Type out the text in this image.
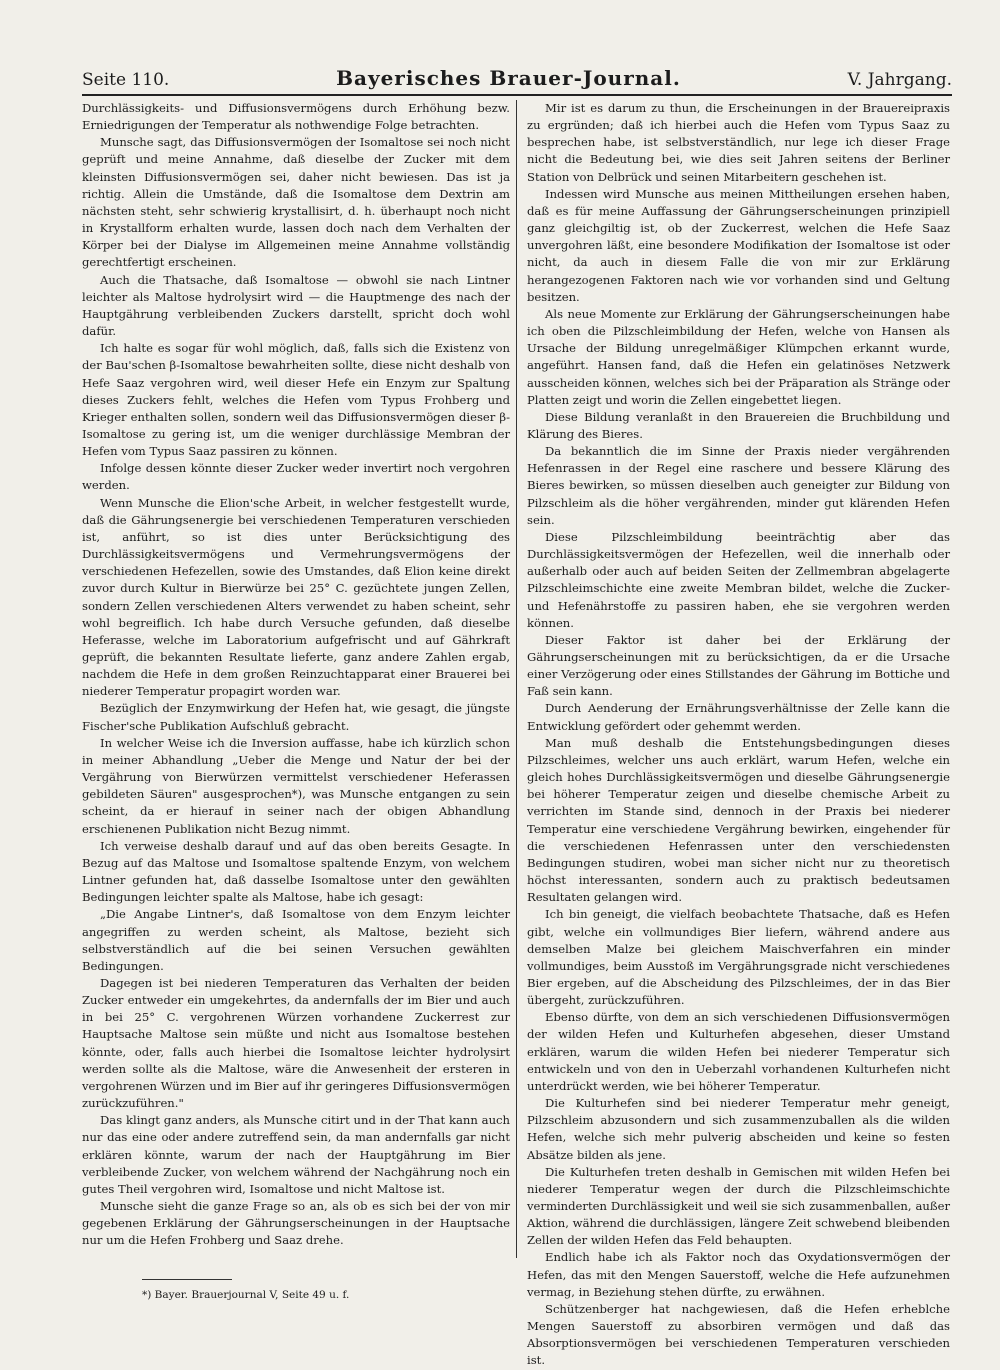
Seite 110.	Bayerisches Brauer-Journal.	V. Jahrgang.

Durchlässigkeits- und Diffusionsvermögens durch Erhöhung bezw. Erniedrigungen der Temperatur als nothwendige Folge betrachten.

Munsche sagt, das Diffusionsvermögen der Isomaltose sei noch nicht geprüft und meine Annahme, daß dieselbe der Zucker mit dem kleinsten Diffusionsvermögen sei, daher nicht bewiesen. Das ist ja richtig. Allein die Umstände, daß die Isomaltose dem Dextrin am nächsten steht, sehr schwierig krystallisirt, d. h. überhaupt noch nicht in Krystallform erhalten wurde, lassen doch nach dem Verhalten der Körper bei der Dialyse im Allgemeinen meine Annahme vollständig gerechtfertigt erscheinen.

Auch die Thatsache, daß Isomaltose — obwohl sie nach Lintner leichter als Maltose hydrolysirt wird — die Hauptmenge des nach der Hauptgährung verbleibenden Zuckers darstellt, spricht doch wohl dafür.

Ich halte es sogar für wohl möglich, daß, falls sich die Existenz von der Bau'schen β-Isomaltose bewahrheiten sollte, diese nicht deshalb von Hefe Saaz vergohren wird, weil dieser Hefe ein Enzym zur Spaltung dieses Zuckers fehlt, welches die Hefen vom Typus Frohberg und Krieger enthalten sollen, sondern weil das Diffusionsvermögen dieser β-Isomaltose zu gering ist, um die weniger durchlässige Membran der Hefen vom Typus Saaz passiren zu können.

Infolge dessen könnte dieser Zucker weder invertirt noch vergohren werden.

Wenn Munsche die Elion'sche Arbeit, in welcher festgestellt wurde, daß die Gährungsenergie bei verschiedenen Temperaturen verschieden ist, anführt, so ist dies unter Berücksichtigung des Durchlässigkeitsvermögens und Vermehrungsvermögens der verschiedenen Hefezellen, sowie des Umstandes, daß Elion keine direkt zuvor durch Kultur in Bierwürze bei 25° C. gezüchtete jungen Zellen, sondern Zellen verschiedenen Alters verwendet zu haben scheint, sehr wohl begreiflich. Ich habe durch Versuche gefunden, daß dieselbe Heferasse, welche im Laboratorium aufgefrischt und auf Gährkraft geprüft, die bekannten Resultate lieferte, ganz andere Zahlen ergab, nachdem die Hefe in dem großen Reinzuchtapparat einer Brauerei bei niederer Temperatur propagirt worden war.

Bezüglich der Enzymwirkung der Hefen hat, wie gesagt, die jüngste Fischer'sche Publikation Aufschluß gebracht.

In welcher Weise ich die Inversion auffasse, habe ich kürzlich schon in meiner Abhandlung „Ueber die Menge und Natur der bei der Vergährung von Bierwürzen vermittelst verschiedener Heferassen gebildeten Säuren" ausgesprochen*), was Munsche entgangen zu sein scheint, da er hierauf in seiner nach der obigen Abhandlung erschienenen Publikation nicht Bezug nimmt.

Ich verweise deshalb darauf und auf das oben bereits Gesagte. In Bezug auf das Maltose und Isomaltose spaltende Enzym, von welchem Lintner gefunden hat, daß dasselbe Isomaltose unter den gewählten Bedingungen leichter spalte als Maltose, habe ich gesagt:

„Die Angabe Lintner's, daß Isomaltose von dem Enzym leichter angegriffen zu werden scheint, als Maltose, bezieht sich selbstverständlich auf die bei seinen Versuchen gewählten Bedingungen.

Dagegen ist bei niederen Temperaturen das Verhalten der beiden Zucker entweder ein umgekehrtes, da andernfalls der im Bier und auch in bei 25° C. vergohrenen Würzen vorhandene Zuckerrest zur Hauptsache Maltose sein müßte und nicht aus Isomaltose bestehen könnte, oder, falls auch hierbei die Isomaltose leichter hydrolysirt werden sollte als die Maltose, wäre die Anwesenheit der ersteren in vergohrenen Würzen und im Bier auf ihr geringeres Diffusionsvermögen zurückzuführen."

Das klingt ganz anders, als Munsche citirt und in der That kann auch nur das eine oder andere zutreffend sein, da man andernfalls gar nicht erklären könnte, warum der nach der Hauptgährung im Bier verbleibende Zucker, von welchem während der Nachgährung noch ein gutes Theil vergohren wird, Isomaltose und nicht Maltose ist.

Munsche sieht die ganze Frage so an, als ob es sich bei der von mir gegebenen Erklärung der Gährungserscheinungen in der Hauptsache nur um die Hefen Frohberg und Saaz drehe.

*) Bayer. Brauerjournal V, Seite 49 u. f.

Mir ist es darum zu thun, die Erscheinungen in der Brauereipraxis zu ergründen; daß ich hierbei auch die Hefen vom Typus Saaz zu besprechen habe, ist selbstverständlich, nur lege ich dieser Frage nicht die Bedeutung bei, wie dies seit Jahren seitens der Berliner Station von Delbrück und seinen Mitarbeitern geschehen ist.

Indessen wird Munsche aus meinen Mittheilungen ersehen haben, daß es für meine Auffassung der Gährungserscheinungen prinzipiell ganz gleichgiltig ist, ob der Zuckerrest, welchen die Hefe Saaz unvergohren läßt, eine besondere Modifikation der Isomaltose ist oder nicht, da auch in diesem Falle die von mir zur Erklärung herangezogenen Faktoren nach wie vor vorhanden sind und Geltung besitzen.

Als neue Momente zur Erklärung der Gährungserscheinungen habe ich oben die Pilzschleimbildung der Hefen, welche von Hansen als Ursache der Bildung unregelmäßiger Klümpchen erkannt wurde, angeführt. Hansen fand, daß die Hefen ein gelatinöses Netzwerk ausscheiden können, welches sich bei der Präparation als Stränge oder Platten zeigt und worin die Zellen eingebettet liegen.

Diese Bildung veranlaßt in den Brauereien die Bruchbildung und Klärung des Bieres.

Da bekanntlich die im Sinne der Praxis nieder vergährenden Hefenrassen in der Regel eine raschere und bessere Klärung des Bieres bewirken, so müssen dieselben auch geneigter zur Bildung von Pilzschleim als die höher vergährenden, minder gut klärenden Hefen sein.

Diese Pilzschleimbildung beeinträchtig aber das Durchlässigkeitsvermögen der Hefezellen, weil die innerhalb oder außerhalb oder auch auf beiden Seiten der Zellmembran abgelagerte Pilzschleimschichte eine zweite Membran bildet, welche die Zucker- und Hefenährstoffe zu passiren haben, ehe sie vergohren werden können.

Dieser Faktor ist daher bei der Erklärung der Gährungserscheinungen mit zu berücksichtigen, da er die Ursache einer Verzögerung oder eines Stillstandes der Gährung im Bottiche und Faß sein kann.

Durch Aenderung der Ernährungsverhältnisse der Zelle kann die Entwicklung gefördert oder gehemmt werden.

Man muß deshalb die Entstehungsbedingungen dieses Pilzschleimes, welcher uns auch erklärt, warum Hefen, welche ein gleich hohes Durchlässigkeitsvermögen und dieselbe Gährungsenergie bei höherer Temperatur zeigen und dieselbe chemische Arbeit zu verrichten im Stande sind, dennoch in der Praxis bei niederer Temperatur eine verschiedene Vergährung bewirken, eingehender für die verschiedenen Hefenrassen unter den verschiedensten Bedingungen studiren, wobei man sicher nicht nur zu theoretisch höchst interessanten, sondern auch zu praktisch bedeutsamen Resultaten gelangen wird.

Ich bin geneigt, die vielfach beobachtete Thatsache, daß es Hefen gibt, welche ein vollmundiges Bier liefern, während andere aus demselben Malze bei gleichem Maischverfahren ein minder vollmundiges, beim Ausstoß im Vergährungsgrade nicht verschiedenes Bier ergeben, auf die Abscheidung des Pilzschleimes, der in das Bier übergeht, zurückzuführen.

Ebenso dürfte, von dem an sich verschiedenen Diffusionsvermögen der wilden Hefen und Kulturhefen abgesehen, dieser Umstand erklären, warum die wilden Hefen bei niederer Temperatur sich entwickeln und von den in Ueberzahl vorhandenen Kulturhefen nicht unterdrückt werden, wie bei höherer Temperatur.

Die Kulturhefen sind bei niederer Temperatur mehr geneigt, Pilzschleim abzusondern und sich zusammenzuballen als die wilden Hefen, welche sich mehr pulverig abscheiden und keine so festen Absätze bilden als jene.

Die Kulturhefen treten deshalb in Gemischen mit wilden Hefen bei niederer Temperatur wegen der durch die Pilzschleimschichte verminderten Durchlässigkeit und weil sie sich zusammenballen, außer Aktion, während die durchlässigen, längere Zeit schwebend bleibenden Zellen der wilden Hefen das Feld behaupten.

Endlich habe ich als Faktor noch das Oxydationsvermögen der Hefen, das mit den Mengen Sauerstoff, welche die Hefe aufzunehmen vermag, in Beziehung stehen dürfte, zu erwähnen.

Schützenberger hat nachgewiesen, daß die Hefen erheblche Mengen Sauerstoff zu absorbiren vermögen und daß das Absorptionsvermögen bei verschiedenen Temperaturen verschieden ist.
